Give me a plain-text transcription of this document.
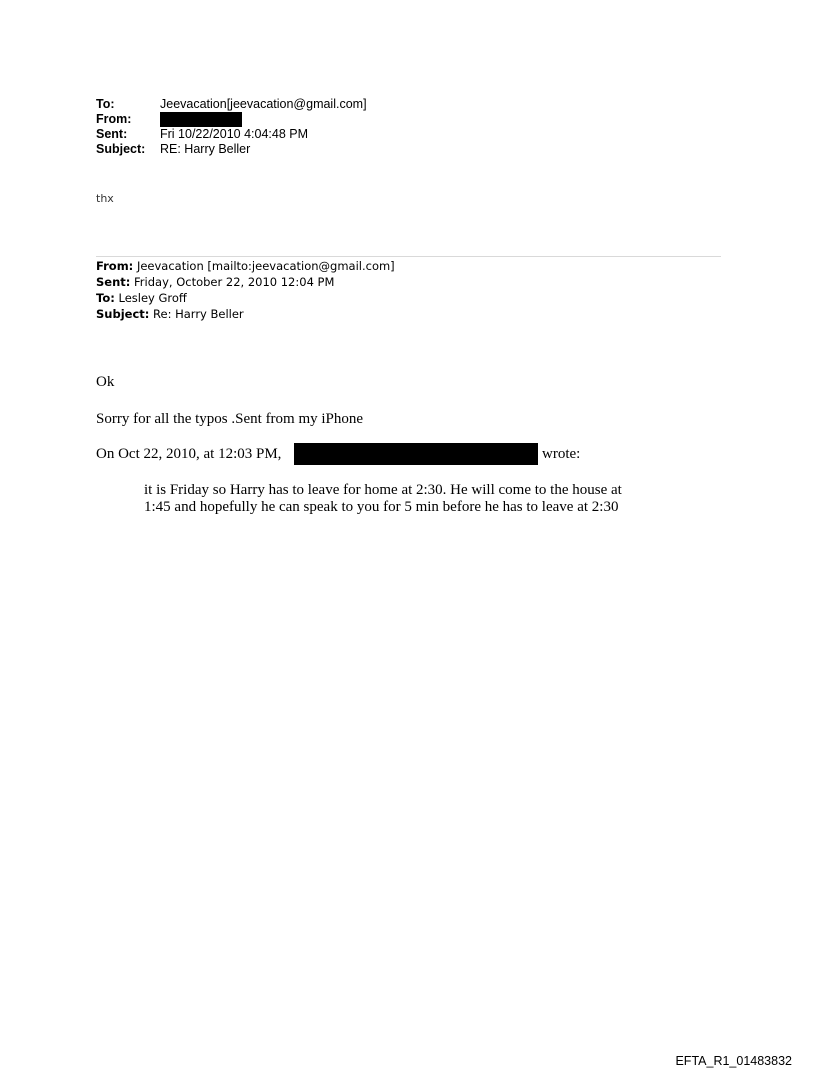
To:	Jeevacation[jeevacation@gmail.com]
From:
Sent:	Fri 10/22/2010 4:04:48 PM
Subject: RE: Harry Beller
thx
From: Jeevacation [mailto:jeevacation@gmail.com]
Sent: Friday, October 22, 2010 12:04 PM
To: Lesley Groff
Subject: Re: Harry Beller
Ok
Sorry for all the typos .Sent from my iPhone
On Oct 22, 2010, at 12:03 PM,	wrote:
it is Friday so Harry has to leave for home at 2:30. He will come to the house at
1:45 and hopefully he can speak to you for 5 min before he has to leave at 2:30
EFTA_R1_01483832
